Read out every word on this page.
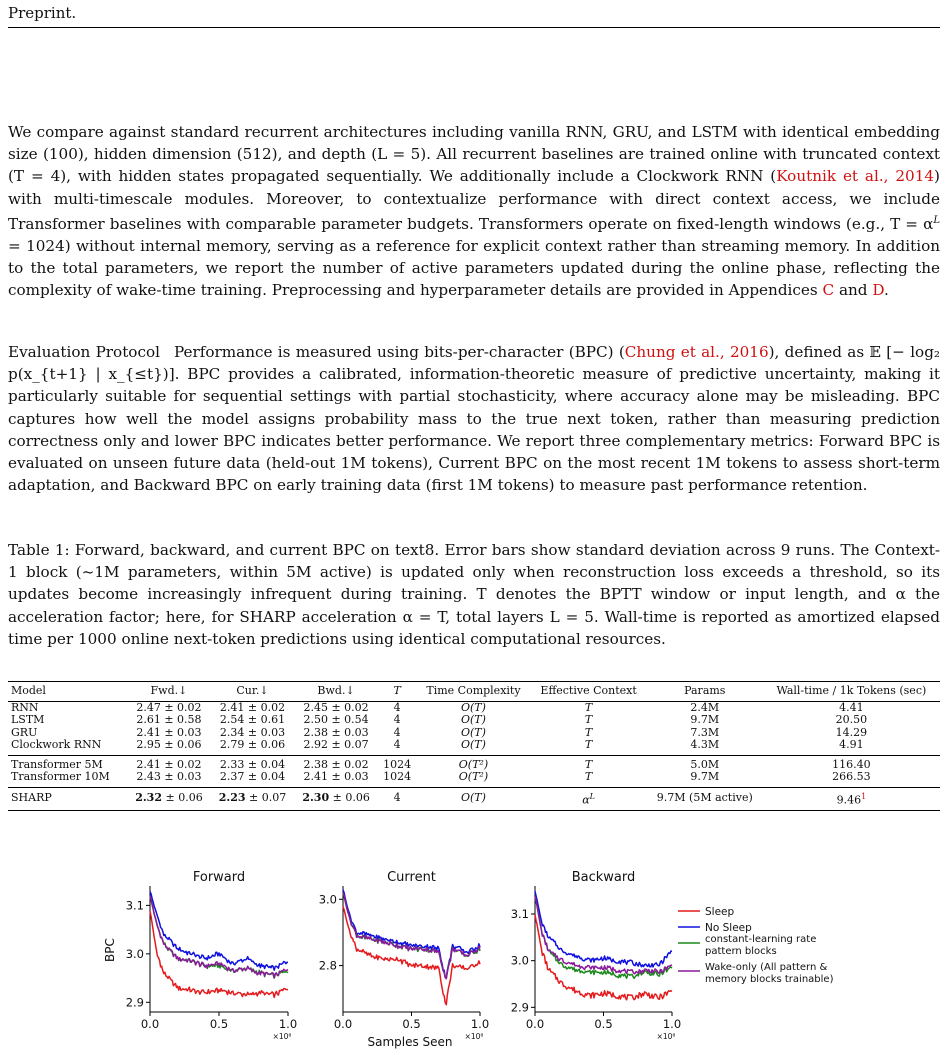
Preprint.
We compare against standard recurrent architectures including vanilla RNN, GRU, and LSTM with identical embedding size (100), hidden dimension (512), and depth (L = 5). All recurrent baselines are trained online with truncated context (T = 4), with hidden states propagated sequentially. We additionally include a Clockwork RNN (Koutnik et al., 2014) with multi-timescale modules. Moreover, to contextualize performance with direct context access, we include Transformer baselines with comparable parameter budgets. Transformers operate on fixed-length windows (e.g., $T = \alpha^L = 1024$) without internal memory, serving as a reference for explicit context rather than streaming memory. In addition to the total parameters, we report the number of active parameters updated during the online phase, reflecting the complexity of wake-time training. Preprocessing and hyperparameter details are provided in Appendices C and D.
Evaluation Protocol Performance is measured using bits-per-character (BPC) (Chung et al., 2016), defined as 𝔼 [− log₂ p(x_{t+1} | x_{≤t})]. BPC provides a calibrated, information-theoretic measure of predictive uncertainty, making it particularly suitable for sequential settings with partial stochasticity, where accuracy alone may be misleading. BPC captures how well the model assigns probability mass to the true next token, rather than measuring prediction correctness only and lower BPC indicates better performance. We report three complementary metrics: Forward BPC is evaluated on unseen future data (held-out 1M tokens), Current BPC on the most recent 1M tokens to assess short-term adaptation, and Backward BPC on early training data (first 1M tokens) to measure past performance retention.
Table 1: Forward, backward, and current BPC on text8. Error bars show standard deviation across 9 runs. The Context-1 block (~1M parameters, within 5M active) is updated only when reconstruction loss exceeds a threshold, so its updates become increasingly infrequent during training. T denotes the BPTT window or input length, and α the acceleration factor; here, for SHARP acceleration α = T, total layers L = 5. Wall-time is reported as amortized elapsed time per 1000 online next-token predictions using identical computational resources.
Model	Fwd.↓	Cur.↓	Bwd.↓	T	Time Complexity	Effective Context	Params	Wall-time / 1k Tokens (sec)
RNN	2.47 ± 0.02	2.41 ± 0.02	2.45 ± 0.02	4	O(T)	T	2.4M	4.41
LSTM	2.61 ± 0.58	2.54 ± 0.61	2.50 ± 0.54	4	O(T)	T	9.7M	20.50
GRU	2.41 ± 0.03	2.34 ± 0.03	2.38 ± 0.03	4	O(T)	T	7.3M	14.29
Clockwork RNN	2.95 ± 0.06	2.79 ± 0.06	2.92 ± 0.07	4	O(T)	T	4.3M	4.91
Transformer 5M	2.41 ± 0.02	2.33 ± 0.04	2.38 ± 0.02	1024	O(T²)	T	5.0M	116.40
Transformer 10M	2.43 ± 0.03	2.37 ± 0.04	2.41 ± 0.03	1024	O(T²)	T	9.7M	266.53
SHARP	2.32 ± 0.06	2.23 ± 0.07	2.30 ± 0.06	4	O(T)	$\alpha^L$	9.7M (5M active)	9.46$^1$
Forward
2.9
3.0
3.1
0.0	0.5	1.0
×10⁸
Current
2.8
3.0
0.0	0.5	1.0
×10⁸
Backward
2.9
3.0
3.1
0.0	0.5	1.0
×10⁸
BPC
Samples Seen
Sleep
No Sleep
constant-learning rate
pattern blocks
Wake-only (All pattern &
memory blocks trainable)
